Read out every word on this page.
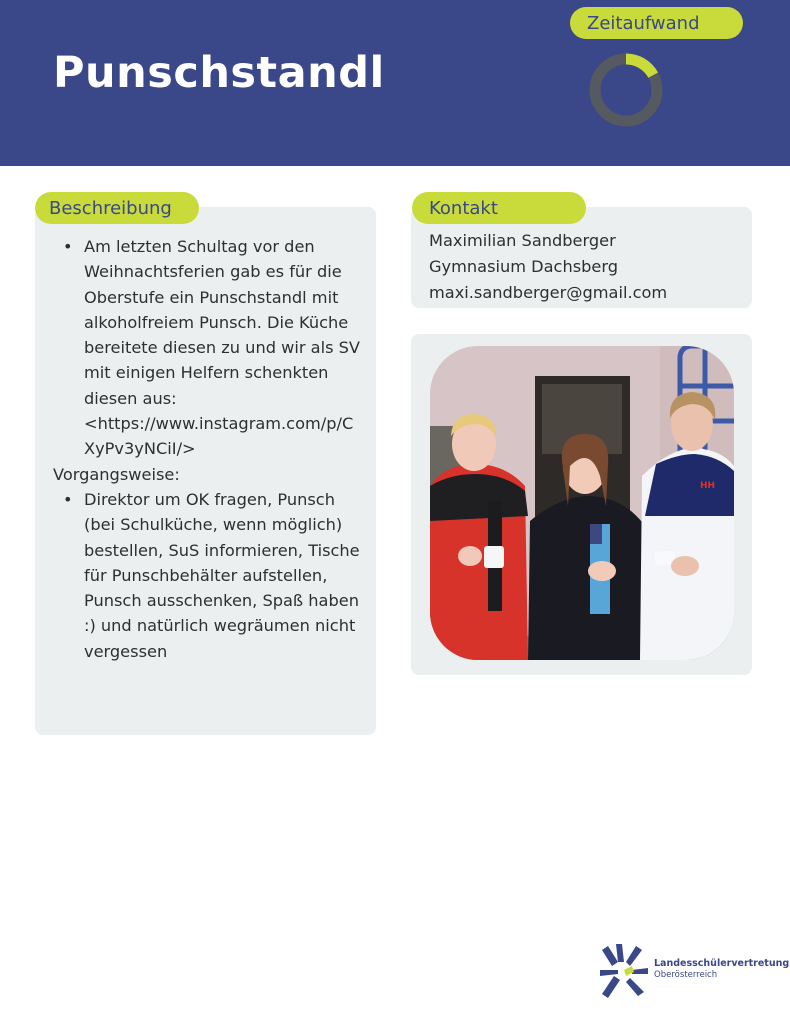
Punschstandl
Zeitaufwand
Beschreibung
• Am letzten Schultag vor den Weihnachtsferien gab es für die Oberstufe ein Punschstandl mit alkoholfreiem Punsch. Die Küche bereitete diesen zu und wir als SV mit einigen Helfern schenkten diesen aus: <https://www.instagram.com/p/CXyPv3yNCiI/>
Vorgangsweise:
• Direktor um OK fragen, Punsch (bei Schulküche, wenn möglich) bestellen, SuS informieren, Tische für Punschbehälter aufstellen, Punsch ausschenken, Spaß haben :) und natürlich wegräumen nicht vergessen
Kontakt
Maximilian Sandberger
Gymnasium Dachsberg
maxi.sandberger@gmail.com
HH
Landesschülervertretung
Oberösterreich
